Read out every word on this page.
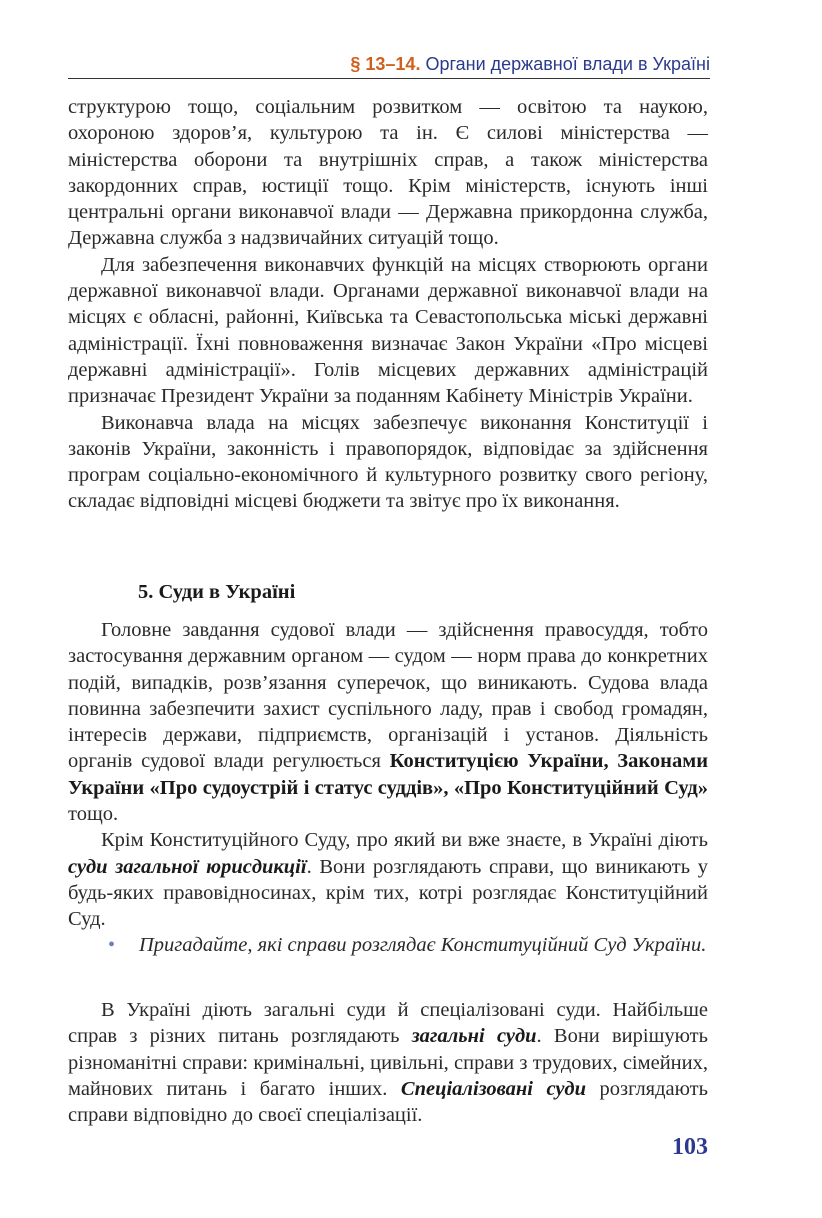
§ 13–14. Органи державної влади в Україні

структурою тощо, соціальним розвитком — освітою та наукою, охороною здоров’я, культурою та ін. Є силові міністерства — міністерства оборони та внутрішніх справ, а також міністерства закордонних справ, юстиції тощо. Крім міністерств, існують інші центральні органи виконавчої влади — Державна прикордонна служба, Державна служба з надзвичайних ситуацій тощо.

Для забезпечення виконавчих функцій на місцях створюють органи державної виконавчої влади. Органами державної виконавчої влади на місцях є обласні, районні, Київська та Севастопольська міські державні адміністрації. Їхні повноваження визначає Закон України «Про місцеві державні адміністрації». Голів місцевих державних адміністрацій призначає Президент України за поданням Кабінету Міністрів України.

Виконавча влада на місцях забезпечує виконання Конституції і законів України, законність і правопорядок, відповідає за здійснення програм соціально-економічного й культурного розвитку свого регіону, складає відповідні місцеві бюджети та звітує про їх виконання.

5. Суди в Україні

Головне завдання судової влади — здійснення правосуддя, тобто застосування державним органом — судом — норм права до конкретних подій, випадків, розв’язання суперечок, що виникають. Судова влада повинна забезпечити захист суспільного ладу, прав і свобод громадян, інтересів держави, підприємств, організацій і установ. Діяльність органів судової влади регулюється Конституцією України, Законами України «Про судоустрій і статус суддів», «Про Конституційний Суд» тощо.

Крім Конституційного Суду, про який ви вже знаєте, в Україні діють суди загальної юрисдикції. Вони розглядають справи, що виникають у будь-яких правовідносинах, крім тих, котрі розглядає Конституційний Суд.

• Пригадайте, які справи розглядає Конституційний Суд України.

В Україні діють загальні суди й спеціалізовані суди. Найбільше справ з різних питань розглядають загальні суди. Вони вирішують різноманітні справи: кримінальні, цивільні, справи з трудових, сімейних, майнових питань і багато інших. Спеціалізовані суди розглядають справи відповідно до своєї спеціалізації.

103
